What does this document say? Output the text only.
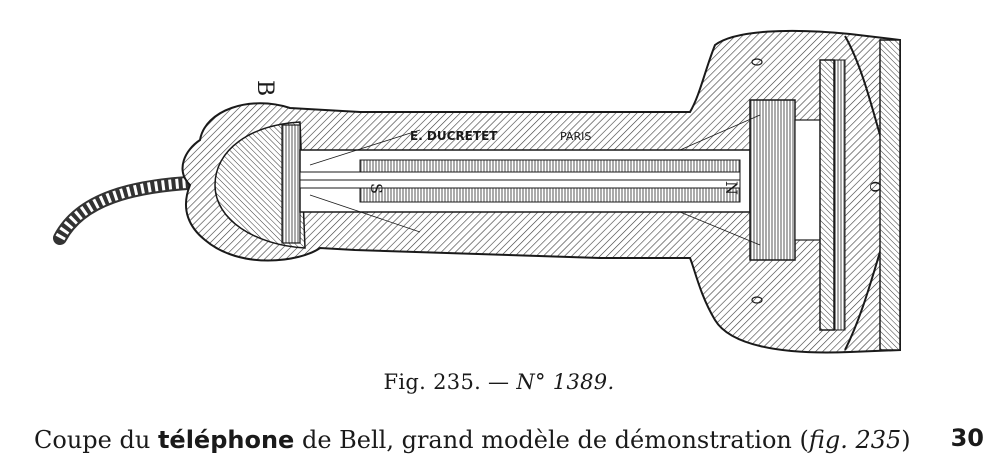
B
S	N	O
E. DUCRETET	PARIS
Fig. 235. — N° 1389.
Coupe du téléphone de Bell, grand modèle de démonstration (fig. 235)	30
